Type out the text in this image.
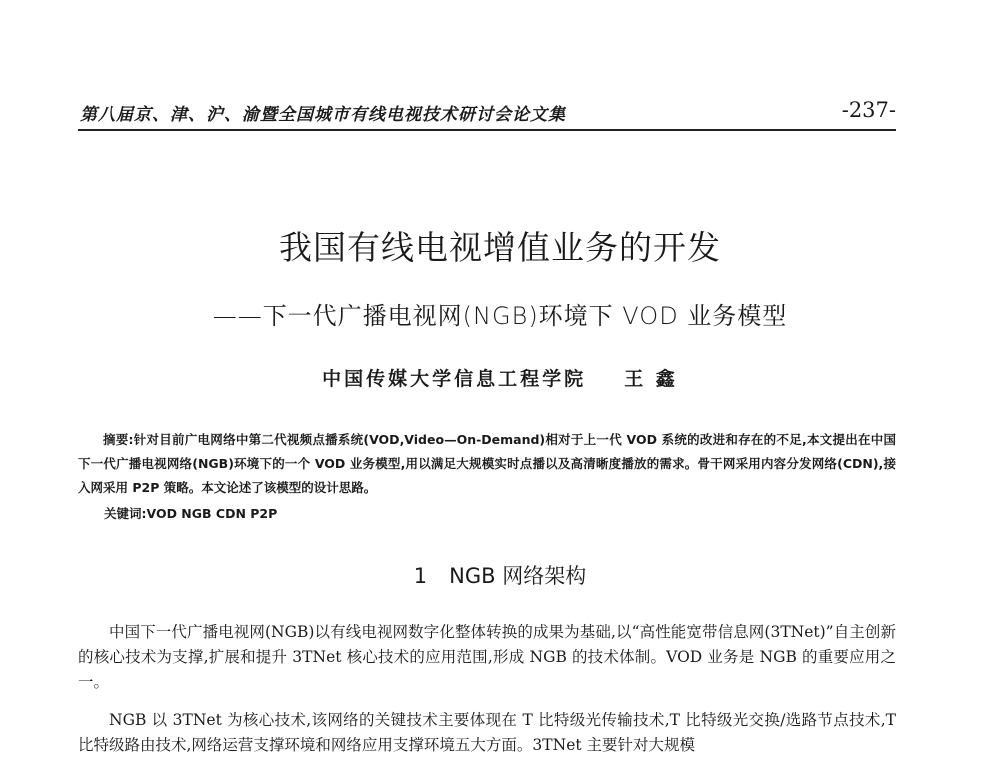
第八届京、津、沪、渝暨全国城市有线电视技术研讨会论文集	-237-
我国有线电视增值业务的开发
——下一代广播电视网(NGB)环境下 VOD 业务模型
中国传媒大学信息工程学院 王 鑫
摘要:针对目前广电网络中第二代视频点播系统(VOD,Video—On-Demand)相对于上一代 VOD 系统的改进和存在的不足,本文提出在中国下一代广播电视网络(NGB)环境下的一个 VOD 业务模型,用以满足大规模实时点播以及高清晰度播放的需求。骨干网采用内容分发网络(CDN),接入网采用 P2P 策略。本文论述了该模型的设计思路。
关键词:VOD NGB CDN P2P
1 NGB 网络架构
中国下一代广播电视网(NGB)以有线电视网数字化整体转换的成果为基础,以“高性能宽带信息网(3TNet)”自主创新的核心技术为支撑,扩展和提升 3TNet 核心技术的应用范围,形成 NGB 的技术体制。VOD 业务是 NGB 的重要应用之一。
NGB 以 3TNet 为核心技术,该网络的关键技术主要体现在 T 比特级光传输技术,T 比特级光交换/选路节点技术,T 比特级路由技术,网络运营支撑环境和网络应用支撑环境五大方面。3TNet 主要针对大规模
